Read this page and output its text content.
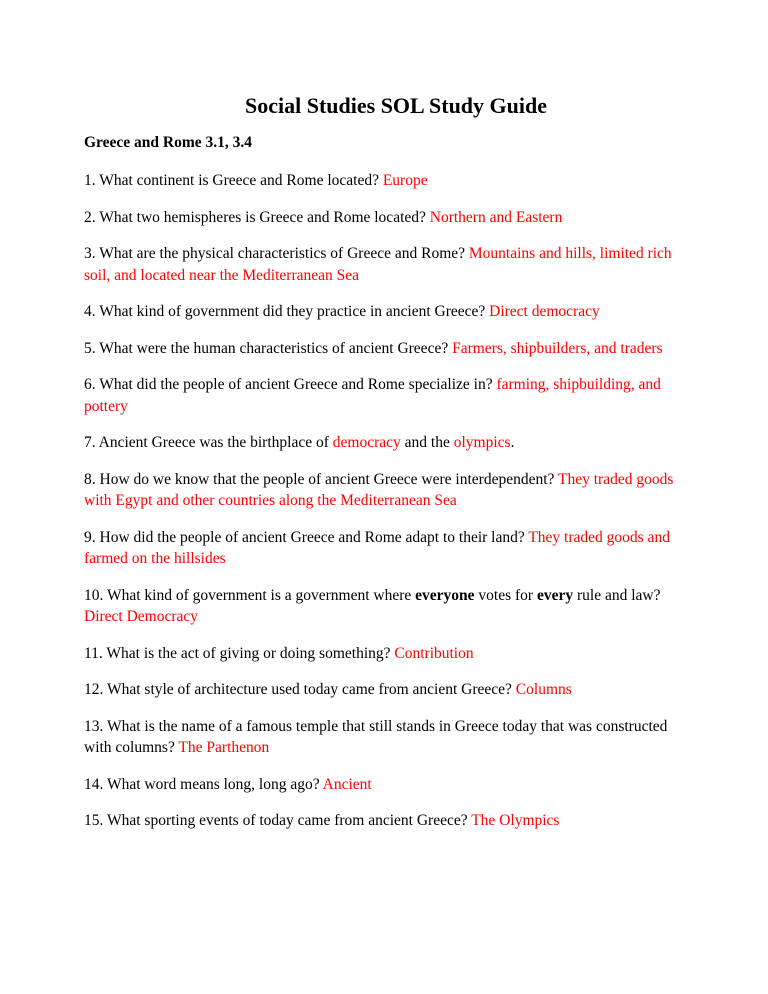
Social Studies SOL Study Guide
Greece and Rome 3.1, 3.4
1. What continent is Greece and Rome located? Europe
2. What two hemispheres is Greece and Rome located? Northern and Eastern
3. What are the physical characteristics of Greece and Rome? Mountains and hills, limited rich soil, and located near the Mediterranean Sea
4. What kind of government did they practice in ancient Greece? Direct democracy
5. What were the human characteristics of ancient Greece? Farmers, shipbuilders, and traders
6. What did the people of ancient Greece and Rome specialize in? farming, shipbuilding, and pottery
7. Ancient Greece was the birthplace of democracy and the olympics.
8. How do we know that the people of ancient Greece were interdependent? They traded goods with Egypt and other countries along the Mediterranean Sea
9. How did the people of ancient Greece and Rome adapt to their land? They traded goods and farmed on the hillsides
10. What kind of government is a government where everyone votes for every rule and law? Direct Democracy
11. What is the act of giving or doing something? Contribution
12. What style of architecture used today came from ancient Greece? Columns
13. What is the name of a famous temple that still stands in Greece today that was constructed with columns? The Parthenon
14. What word means long, long ago? Ancient
15. What sporting events of today came from ancient Greece? The Olympics
